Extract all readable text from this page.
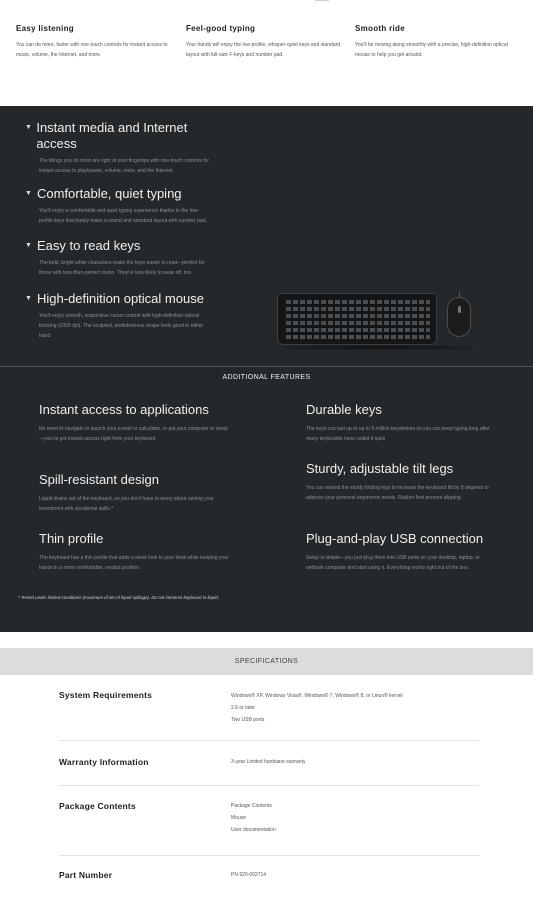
Easy listening

You can do more, faster with one-touch controls for instant access to music, volume, the Internet, and more.

Feel-good typing

Your hands will enjoy the low-profile, whisper-quiet keys and standard layout with full-size F-keys and number pad.

Smooth ride

You'll be moving along smoothly with a precise, high-definition optical mouse to help you get around.

▼ Instant media and Internet access

The things you do most are right at your fingertips with one-touch controls for instant access to play/pause, volume, mute, and the Internet.

▼ Comfortable, quiet typing

You'll enjoy a comfortable and quiet typing experience thanks to the low-profile keys that barely make a sound and standard layout with number pad.

▼ Easy to read keys

The bold, bright white characters make the keys easier to read—perfect for those with less-than-perfect vision. They're less likely to wear off, too.

▼ High-definition optical mouse

You'll enjoy smooth, responsive cursor control with high-definition optical tracking (1000 dpi). The sculpted, ambidextrous shape feels good in either hand.

ADDITIONAL FEATURES
Instant access to applications

No need to navigate to launch your e-mail or calculator, or put your computer to sleep—you've got instant access right from your keyboard.

Durable keys

The keys can last up to up to 5 million keystrokes so you can keep typing long after many keyboards have called it quits

Spill-resistant design

Liquid drains out of the keyboard, so you don't have to worry about ruining your investment with accidental spills.*

Sturdy, adjustable tilt legs

You can extend the sturdy folding legs to increase the keyboard tilt by 8 degrees to address your personal ergonomic needs. Rubber feet prevent slipping.

Thin profile

The keyboard has a thin profile that adds a sleek look to your desk while keeping your hands in a more comfortable, neutral position.

Plug-and-play USB connection

Setup is simple—you just plug them into USB ports on your desktop, laptop, or netbook computer and start using it. Everything works right out of the box.

* Tested under limited conditions (maximum of 60 ml liquid spillage). Do not immerse keyboard in liquid.
SPECIFICATIONS
System Requirements	Windows® XP, Windows Vista®, Windows® 7, Windows® 8, or Linux® kernel
2.6 or later
Two USB ports
Warranty Information	3-year Limited hardware warranty
Package Contents	Package Contents
Mouse
User documentation
Part Number	PN 920-002714
